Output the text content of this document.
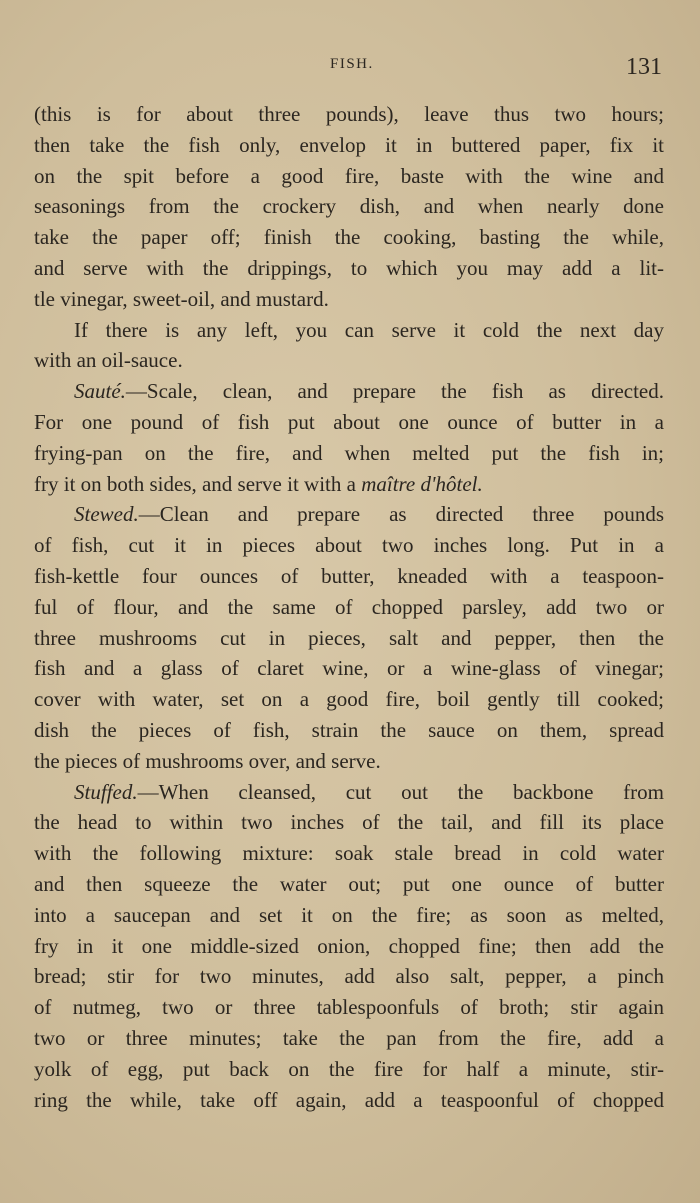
FISH.	131
(this is for about three pounds), leave thus two hours;
then take the fish only, envelop it in buttered paper, fix it
on the spit before a good fire, baste with the wine and
seasonings from the crockery dish, and when nearly done
take the paper off; finish the cooking, basting the while,
and serve with the drippings, to which you may add a lit-
tle vinegar, sweet-oil, and mustard.
If there is any left, you can serve it cold the next day
with an oil-sauce.
Sauté.—Scale, clean, and prepare the fish as directed.
For one pound of fish put about one ounce of butter in a
frying-pan on the fire, and when melted put the fish in;
fry it on both sides, and serve it with a maître d'hôtel.
Stewed.—Clean and prepare as directed three pounds
of fish, cut it in pieces about two inches long. Put in a
fish-kettle four ounces of butter, kneaded with a teaspoon-
ful of flour, and the same of chopped parsley, add two or
three mushrooms cut in pieces, salt and pepper, then the
fish and a glass of claret wine, or a wine-glass of vinegar;
cover with water, set on a good fire, boil gently till cooked;
dish the pieces of fish, strain the sauce on them, spread
the pieces of mushrooms over, and serve.
Stuffed.—When cleansed, cut out the backbone from
the head to within two inches of the tail, and fill its place
with the following mixture: soak stale bread in cold water
and then squeeze the water out; put one ounce of butter
into a saucepan and set it on the fire; as soon as melted,
fry in it one middle-sized onion, chopped fine; then add the
bread; stir for two minutes, add also salt, pepper, a pinch
of nutmeg, two or three tablespoonfuls of broth; stir again
two or three minutes; take the pan from the fire, add a
yolk of egg, put back on the fire for half a minute, stir-
ring the while, take off again, add a teaspoonful of chopped
